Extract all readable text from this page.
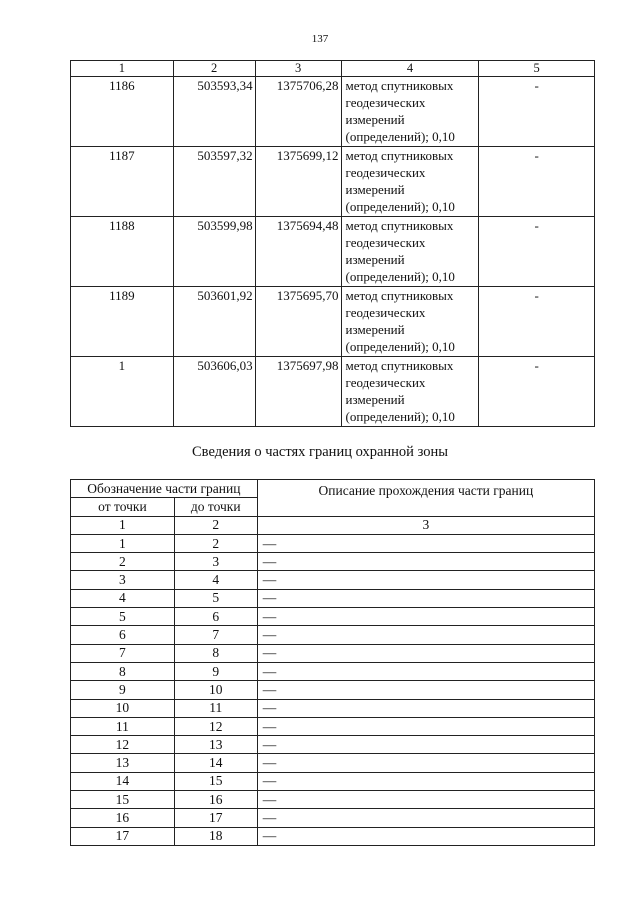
137
1	2	3	4	5
1186	503593,34	1375706,28	метод спутниковых
геодезических
измерений
(определений); 0,10	-
1187	503597,32	1375699,12	метод спутниковых
геодезических
измерений
(определений); 0,10	-
1188	503599,98	1375694,48	метод спутниковых
геодезических
измерений
(определений); 0,10	-
1189	503601,92	1375695,70	метод спутниковых
геодезических
измерений
(определений); 0,10	-
1	503606,03	1375697,98	метод спутниковых
геодезических
измерений
(определений); 0,10	-
Сведения о частях границ охранной зоны
Обозначение части границ		Описание прохождения части границ
от точки	до точки	
1	2	3
1	2	—
2	3	—
3	4	—
4	5	—
5	6	—
6	7	—
7	8	—
8	9	—
9	10	—
10	11	—
11	12	—
12	13	—
13	14	—
14	15	—
15	16	—
16	17	—
17	18	—
